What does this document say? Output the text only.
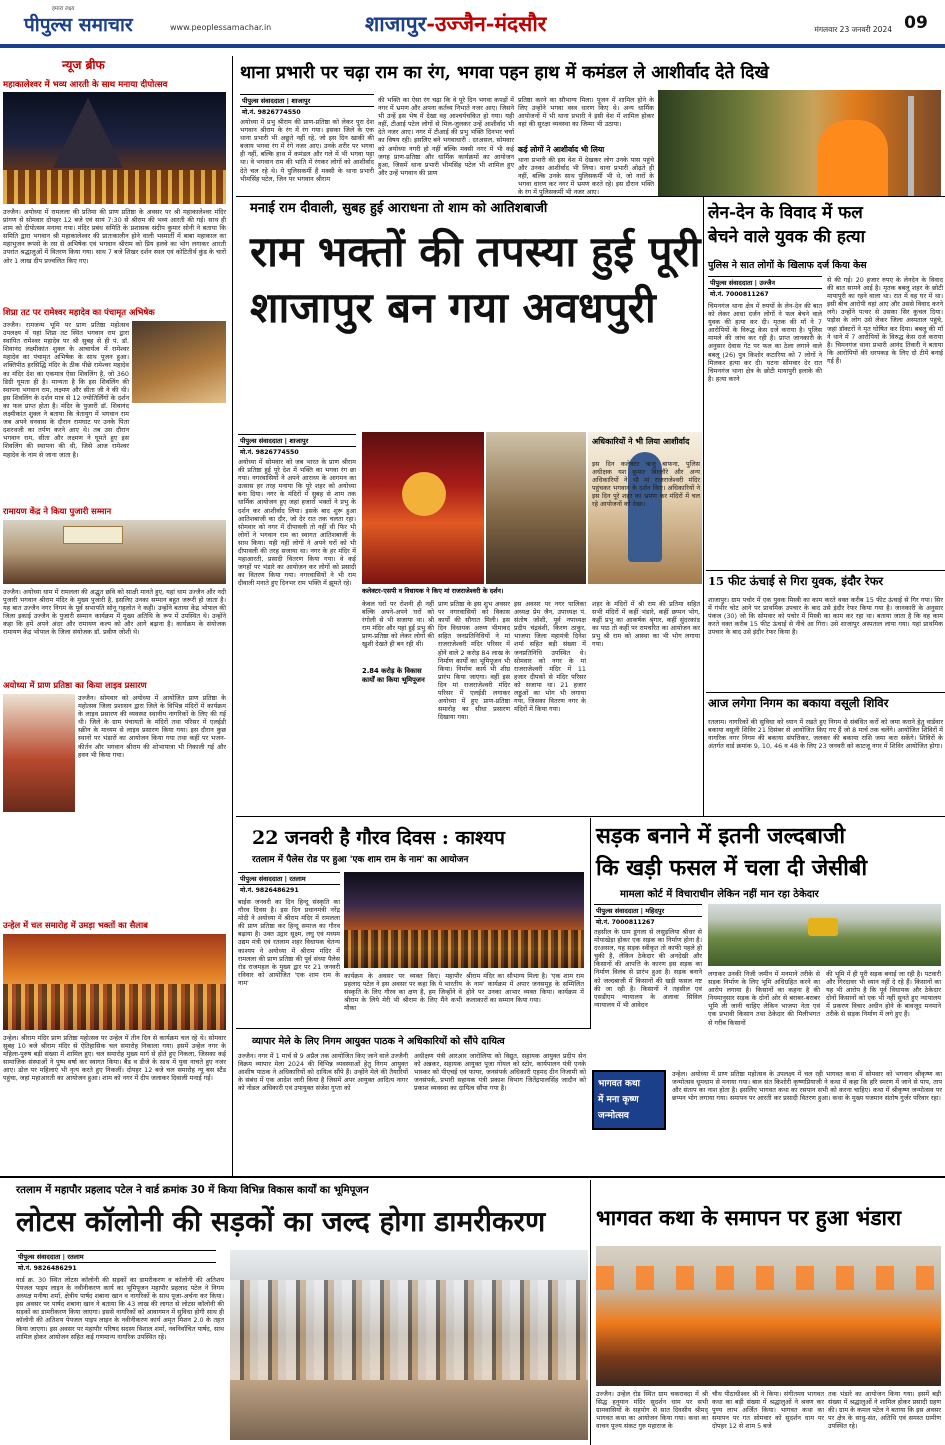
हमारा लक्ष्य
पीपुल्स समाचार	www.peoplessamachar.in	शाजापुर-उज्जैन-मंदसौर	मंगलवार 23 जनवरी 2024 09
न्यूज ब्रीफ
महाकालेश्वर में भव्य आरती के साथ मनाया दीपोत्सव
उज्जैन। अयोध्या में रामलला की प्रतिमा की प्राण प्रतिष्ठा के अवसर पर श्री महाकालेश्वर मंदिर प्रांगण से सोमवार दोपहर 12 बजे एवं सायं 7:30 से श्रीराम की भव्य आरती की गई। साथ ही शाम को दीपोत्सव मनाया गया। मंदिर प्रबंध समिति के प्रशासक संदीप कुमार सोनी ने बताया कि समिति द्वारा भगवान श्री महाकालेश्वर की प्रातःकालीन होने वाली भस्मार्ती में बाबा महाकाल का महाभुजन रूपसे के रस से अभिषेक एवं भगवान श्रीराम को प्रिय हलवे का भोग लगाकर आरती उपरांत श्रद्धालुओं में वितरण किया गया। साथ 7 बजे शिखर दर्शन स्थल एवं कोटितीर्थ कुंड के चारों ओर 1 लाख दीप प्रज्वलित किए गए।
शिप्रा तट पर रामेश्वर महादेव का पंचामृत अभिषेक
उज्जैन। रामजन्म भूमि पर प्राण प्रतिष्ठा महोत्सव उपलक्ष्य में यहां शिप्रा तट स्थित भगवान राम द्वारा स्थापित रामेश्वर महादेव पर श्री सुबह से ही पं. डॉ. शिवानंद लक्ष्मीकांत शुक्ल के आचार्यत्व में रामेश्वर महादेव का पंचामृत अभिषेक के साथ पूजन हुआ। शक्तिपीठ हरसिद्धि मंदिर के ठीक पीछे रामेश्वर महादेव का मंदिर देश का एकमात्र ऐसा शिवलिंग है, जो 360 डिग्री घूमता ही है। मान्यता है कि इस शिवलिंग की स्थापना भगवान राम, लक्ष्मण और सीता जी ने की थी। इस शिवलिंग के दर्शन मात्र से 12 ज्योतिर्लिंगों के दर्शन का फल प्राप्त होता है। मंदिर के पुजारी डॉ. शिवानंद लक्ष्मीकांत शुक्ल ने बताया कि त्रेतायुग में भगवान राम जब अपने वनवास के दौरान रामघाट पर उनके पिता दशरथजी का तर्पण करने आए थे। तब उस दौरान भगवान राम, सीता और लक्ष्मण ने घूमते हुए इस शिवलिंग की स्थापना की थी, जिसे आज रामेश्वर महादेव के नाम से जाना जाता है।
रामायण केंद्र ने किया पुजारी सम्मान
उज्जैन। अयोध्या धाम में रामलला की अद्भुत छवि को साक्षी मानते हुए, यहां धाम उज्जैन और नदी पुजारी भगवान श्रीराम मंदिर के मुख्य पुजारी है, इसलिए उनका सम्मान बहुत जरूरी हो जाता है। यह बात उज्जैन नगर निगम के पूर्व सभापति सोनू गहलोत ने कही। उन्होंने बताया केंद्र भोपाल की जिला इकाई उज्जैन के पुजारी सम्मान कार्यक्रम में मुख्य अतिथि के रूप में उपस्थित थे। उन्होंने कहा कि हमें अपने अंदर और रामायण कल्प को और आगे बढ़ाना है। कार्यक्रम के संयोजक रामायण केंद्र भोपाल के जिला संयोजक डॉ. प्रवीण जोशी थे।
अयोध्या में प्राण प्रतिष्ठा का किया लाइव प्रसारण
उज्जैन। सोमवार को अयोध्या में आयोजित प्राण प्रतिष्ठा के महोत्सव जिला प्रशासन द्वारा जिले के विभिन्न मंदिरों में कार्यक्रम के लाइव प्रसारण की व्यवस्था स्थानीय नागरिकों के लिए की गई थी। जिले के ग्राम पंचायतों के मंदिरों तथा परिसर में एलईडी स्क्रीन के माध्यम से लाइव प्रसारण किया गया। इस दौरान कुछ स्थानों पर भंडारों का आयोजन किया गया तथा कहीं पर भजन-कीर्तन और भगवान श्रीराम की शोभायात्रा भी निकाली गई और हवन भी किया गया।
उन्हेल में चल समारोह में उमड़ा भक्तों का सैलाब
उन्हेल। श्रीराम मंदिर प्राण प्रतिष्ठा महोत्सव पर उन्हेल में तीन दिन से कार्यक्रम चल रहे थे। सोमवार सुबह 10 बजे श्रीराम मंदिर से ऐतिहासिक चल समारोह निकाला गया। इसमें उन्हेल नगर के महिला-पुरुष बड़ी संख्या में शामिल हुए। चल समारोह मुख्य मार्ग से होते हुए निकला, जिसका कई सामाजिक संस्थाओं ने पुष्प वर्षा कर स्वागत किया। बैंड व डीजे के साथ में युवा नाचते हुए नजर आए। ढोल पर महिलाएं भी नृत्य करते हुए निकलीं। दोपहर 12 बजे चल समारोह न्यू बस स्टैंड पहुंचा, जहां महाआरती का आयोजन हुआ। शाम को नगर में दीप जलाकर दिवाली मनाई गई।
थाना प्रभारी पर चढ़ा राम का रंग, भगवा पहन हाथ में कमंडल ले आशीर्वाद देते दिखे
पीपुल्स संवाददाता | शाजापुर
मो.नं. 9826774550
अयोध्या में प्रभु श्रीराम की प्राण-प्रतिष्ठा को लेकर पूरा देश भगवान श्रीराम के रंग में रंग गया। इसका जिले के एक थाना प्रभारी भी अछूते नहीं रहे, जो इस दिन खाकी की बजाय भगवा रंग में रंगे नजर आए। उनके शरीर पर भगवा ही नहीं, बल्कि हाथ में कमंडल और गले में भी भगवा पट्टा था। वे भगवान राम की भांति में रंगकर लोगों को आशीर्वाद देते चल रहे थे। ये पुलिसकर्मी हैं मक्सी के थाना प्रभारी भीमसिंह पटेल, जिन पर भगवान श्रीराम
की भक्ति का ऐसा रंग चढ़ा कि वे पूरे दिन भगवा कपड़ों में नगर में भ्रमण और अपना कर्तव्य निभाते नजर आए। जिसने भी उन्हें इस भेष में देखा वह आश्चर्यचकित हो गया। यही नहीं, टीआई पटेल लोगों से मिल-जुलकर उन्हें आशीर्वाद भी देते नजर आए। नगर में टीआई की प्रभु भक्ति दिनभर चर्चा का विषय रही। इसलिए बने भगवाधारी : दरअसल, सोमवार को अयोध्या नगरी हो नहीं बल्कि मक्सी नगर में भी कई जगह प्राण-प्रतिष्ठा और धार्मिक कार्यक्रमों का आयोजन हुआ, जिसमें थाना प्रभारी भीमसिंह पटेल भी शामिल हुए और उन्हें भगवान की प्राण
प्रतिष्ठा करने का सौभाग्य मिला। पूजन में शामिल होने के लिए उन्होंने भगवा वस्त्र धारण किए थे। अन्य धार्मिक आयोजनों में भी थाना प्रभारी ने इसी वेश में शामिल होकर वहां की सुरक्षा व्यवस्था का जिम्मा भी उठाया।
कई लोगों ने आशीर्वाद भी लिया
थाना प्रभारी की इस वेश में देखकर लोग उनके पास पहुंचे और उनका आशीर्वाद भी लिया। थाना प्रभारी ओढ़ते ही नहीं, बल्कि उनके साथ पुलिसकर्मी भी थे, जो नारों के भगवा धारण कर नगर में भ्रमण करते रहे। इस दौरान भक्ति के रंग में पुलिसकर्मी भी नजर आए।
मनाई राम दीवाली, सुबह हुई आराधना तो शाम को आतिशबाजी
राम भक्तों की तपस्या हुई पूरी
शाजापुर बन गया अवधपुरी
पीपुल्स संवाददाता | शाजापुर
मो.नं. 9826774550
अयोध्या में सोमवार को जब भारत के प्राण श्रीराम की प्रतिष्ठा हुई पूरे देश में भक्ति का भगवा रंग छा गया। नगरवासियों ने अपने आराध्य के आगमन का उत्सास हर तरह मनाया कि पूरे शहर को अयोध्या बना दिया। नगर के मंदिरों में सुबह से शाम तक धार्मिक आयोजन हुए जहां हजारों भक्तों ने प्रभु के दर्शन कर आशीर्वाद लिया। इसके बाद शुरू हुआ आतिशबाजी का दौर, जो देर रात तक चलता रहा। सोमवार को नगर में दीपावली तो नहीं थी फिर भी लोगों ने भगवान राम का स्वागत आतिशबाजी के साथ किया। यही नहीं लोगों ने अपने घरों को भी दीपावली की तरह सजाया था। नगर के हर मंदिर में महाआरती, प्रसादी वितरण किया गया। वे कई जगहों पर भंडारे का आयोजन कर लोगों को प्रसादी का वितरण किया गया। नगरवासियों ने भी राम दीवाली मनाते हुए दिनभर राम भक्ति में झूमते रहे।
कलेक्टर-एसपी व विधायक ने किए मां राजराजेश्वरी के दर्शन।
केवल घरों पर रोशनी ही नहीं बल्कि अपने-अपने घरों को रंगोली से भी सजाया था। श्री राम मंदिर और यहां हुई प्रभु की प्राण-प्रतिष्ठा को लेकर लोगों की खुशी देखते ही बन रही थी।
2.84 करोड़ के विकास कार्यों का किया भूमिपूजन
प्राण प्रतिष्ठा के इस शुभ अवसर पर नगरवासियों को विकास कार्यों की सौगात मिली। इस दिन विधायक अरुण भीमावद सहित जनप्रतिनिधियों ने मां राजराजेश्वरी मंदिर परिसर में होने वाले 2 करोड़ 84 लाख के निर्माण कार्यों का भूमिपूजन भी किया। निर्माण कार्य भी शीघ्र प्रारंभ किया जाएगा। वहीं इस दिन मां राजराजेश्वरी मंदिर परिसर में एलईडी लगाकर अयोध्या में हुए प्राण-प्रतिष्ठा समारोह का सीधा प्रसारण दिखाया गया।
इस अवसर पर नगर पालिका अध्यक्ष प्रेम जैन, उपाध्यक्ष पं. संतोष जोशी, पूर्व नपाध्यक्ष प्रदीप चंद्रवंशी, किरण ठाकुर, भाजपा जिला महामंत्री दिनेश शर्मा सहित बड़ी संख्या में जनप्रतिनिधि उपस्थित थे। सोमवार को नगर के मां राजराजेश्वरी मंदिर में 11 हजार दीपकों से मंदिर परिसर को सजाया था। 21 हजार लड्डुओं का भोग भी लगाया गया, जिसका वितरण नगर के मंदिरों में किया गया।
अधिकारियों ने भी लिया आशीर्वाद
इस दिन कलेक्टर ऋजु बाफना, पुलिस अधीक्षक यश कुमार बिल्लौरे और अन्य अधिकारियों ने भी मां राजराजेश्वरी मंदिर पहुंचकर भगवान के दर्शन किए। अधिकारियों ने इस दिन पूरे शहर का भ्रमण कर मंदिरों में चल रहे आयोजनों को देखा।
शहर के मंदिरों में श्री राम की प्रतिमा सहित सभी मंदिरों में कहीं भंडारे, कहीं छप्पन भोग, कहीं प्रभु का आकर्षक श्रृंगार, कहीं सुंदरकांड का पाठ तो कहीं पर रामचरित का आयोजन कर प्रभु श्री राम को आस्था का भी भोग लगाया गया।
लेन-देन के विवाद में फल
बेचने वाले युवक की हत्या
पुलिस ने सात लोगों के खिलाफ दर्ज किया केस
पीपुल्स संवाददाता | उज्जैन
मो.नं. 7000811267
चिमनगंज थाना क्षेत्र में रुपयों के लेन-देन की बात को लेकर आधा दर्जन लोगों ने फल बेचने वाले युवक की हत्या कर दी। मृतक की माँ ने 7 आरोपियों के विरुद्ध केस दर्ज कराया है। पुलिस मामले की जांच कर रही है। प्राप्त जानकारी के अनुसार देवास गेट पर फल का ठेला लगाने वाले बबलू (26) पुत्र किशोर कटारिया को 7 लोगों ने मिलकर हत्या कर दी। घटना सोमवार देर रात चिमनगंज थाना क्षेत्र के छोटी मायापुरी इलाके की है। हत्या करने
से की गई। 20 हजार रुपए के लेनदेन के विवाद की बात सामने आई है। मृतक बबलू शहर के छोटी मायापुरी का रहने वाला था। रात में वह घर में था। इसी बीच आरोपी वहां आए और उससे विवाद करने लगे। उन्होंने पत्थर से उसका सिर कुचल दिया। पड़ोस के लोग उसे लेकर जिला अस्पताल पहुंचे, जहां डॉक्टरों ने मृत घोषित कर दिया। बबलू की माँ ने थाने में 7 आरोपियों के विरुद्ध केस दर्ज कराया है। चिमनगंज थाना प्रभारी आनंद तिवारी ने बताया कि आरोपियों की धरपकड़ के लिए दो टीमें बनाई गई हैं।
15 फीट ऊंचाई से गिरा युवक, इंदौर रेफर
शाजापुर। ग्राम पचोर में एक युवक मिस्त्री का काम करते वक्त करीब 15 फीट ऊंचाई से गिर गया। सिर में गंभीर चोट आने पर प्राथमिक उपचार के बाद उसे इंदौर रेफर किया गया है। जानकारी के अनुसार पंकज (30) जो कि सोमवार को पचोर में मिस्त्री का काम कर रहा था। बताया जाता है कि वह काम करते वक्त करीब 15 फीट ऊंचाई से नीचे आ गिरा। उसे शाजापुर अस्पताल लाया गया। यहां प्राथमिक उपचार के बाद उसे इंदौर रेफर किया है।
आज लगेगा निगम का बकाया वसूली शिविर
रतलाम। नागरिकों की सुविधा को ध्यान में रखते हुए निगम से संबंधित करों को जमा कराने हेतु वार्डवार बकाया वसूली शिविर 21 दिसंबर से आयोजित किए गए हैं जो 8 मार्च तक चलेंगे। आयोजित शिविरों में नागरिक नगर निगम की बकाया संपत्तिकर, जलकर की बकाया राशि जमा करा सकेंगे। शिविरों के अंतर्गत वार्ड क्रमांक 9, 10, 46 व 48 के लिए 23 जनवरी को काटजू नगर में शिविर आयोजित होगा।
22 जनवरी है गौरव दिवस : काश्यप
रतलाम में पैलेस रोड पर हुआ 'एक शाम राम के नाम' का आयोजन
पीपुल्स संवाददाता | रतलाम
मो.नं. 9826486291
बाईस जनवरी का दिन हिन्दू संस्कृति का गौरव दिवस है। इस दिन प्रधानमंत्री नरेंद्र मोदी ने अयोध्या में श्रीराम मंदिर में रामलला की प्राण प्रतिष्ठा कर हिन्दू समाज का गौरव बढ़ाया है। उक्त उद्गार सूक्ष्म, लघु एवं मध्यम उद्यम मंत्री एवं रतलाम शहर विधायक चेतन्य काश्यप ने अयोध्या में श्रीराम मंदिर में रामलला की प्राण प्रतिष्ठा की पूर्व संध्या पैलेस रोड राजमहल के मुख्य द्वार पर 21 जनवरी रविवार को आयोजित 'एक शाम राम के नाम'
कार्यक्रम के अवसर पर व्यक्त किए। महापौर प्रहलाद पटेल ने इस अवसर पर कहा कि ये भारतीय संस्कृति के लिए गौरव का क्षण है, हम जिन्होंने वे श्रीराम के लिये मेरी भी श्रीराम के लिए मैंने कभी मौका
श्रीराम मंदिर का सौभाग्य मिला है। 'एक शाम राम के नाम' कार्यक्रम में अपार जनसमूह के सम्मिलित होने पर उनका आभार व्यक्त किया। कार्यक्रम में कलाकारों का सम्मान किया गया।
सड़क बनाने में इतनी जल्दबाजी
कि खड़ी फसल में चला दी जेसीबी
मामला कोर्ट में विचाराधीन लेकिन नहीं मान रहा ठेकेदार
पीपुल्स संवाददाता | महिदपुर
मो.नं. 7000811267
तहसील के ग्राम डूंगला से लसुड़लिया श्रीधर से मोयाखेड़ा होकर एक सड़क का निर्माण होना है। दरअसल, यह सड़क स्वीकृत तो काफी पहले हो चुकी है, लेकिन ठेकेदार की अनदेखी और किसानों की आपत्ति के कारण इस सड़क का निर्माण विलंब से प्रारंभ हुआ है। सड़क बनाने को जल्दबाजी में किसानों की खड़ी फसल नष्ट की जा रही है। किसानों ने तहसील एवं एसडीएम न्यायालय के अलावा सिविल न्यायालय में भी आवेदन
लगाकर उनकी निजी जमीन में मनमाने तरीके से सड़क निर्माण के लिए भूमि अधिग्रहित करने का आरोप लगाया है। किसानों का कहना है की नियमानुसार सड़क के दोनों ओर से बराबर-बराबर भूमि ली जानी चाहिए लेकिन भाजपा नेता एवं एक प्रभावी किसान तथा ठेकेदार की मिलीभगत से गरीब किसानों
की भूमि में ही पूरी सड़क बनाई जा रही है। पटवारी और गिरदावर भी ध्यान नहीं दे रहे हैं। किसानों का यह भी आरोप है कि पूर्व विधायक और ठेकेदार दोनों किसानों को एक भी नहीं सुनते हुए न्यायालय में प्रकरण विचार अधीन होने के बावजूद मनमाने तरीके से सड़क निर्माण में लगे हुए हैं।
व्यापार मेले के लिए निगम आयुक्त पाठक ने अधिकारियों को सौंपे दायित्व
उज्जैन। नगर में 1 मार्च से 9 अप्रैल तक आयोजित किए जाने वाले उज्जैनी विक्रम व्यापार मेला 2024 की विभिन्न व्यवस्थाओं हेतु निगम आयुक्त आशीष पाठक ने अधिकारियों को दायित्व सौंपे हैं। उन्होंने मेले की तैयारियों के संबंध में एक आदेश जारी किया है जिसमें अपर आयुक्त आदित्य नागर को नोडल अधिकारी एवं उपायुक्त संजेश गुप्ता को
अधीक्षण यंत्री आरआर जारोलिया को विद्युत, सहायक आयुक्त प्रदीप सेन को अन्नकर, सहायक आयुक्त पूजा गोयल को स्टोर, कार्यपालन यंत्री एनके भास्कर को पीएचई एवं फायर, जनसंपर्क अधिकारी एहमद दीन निजामी को जनसंपर्क, प्रभारी सहायक यंत्री प्रकाश विभाग जितेंद्रपालसिंह जादौन को प्रकाश व्यवस्था का दायित्व सौंपा गया है।	भागवत कथा
में मना कृष्ण
जन्मोत्सव
उन्हेल। अयोध्या में प्राण प्रतिष्ठा महोत्सव के उपलक्ष्य में चल रही भागवत कथा में सोमवार को भगवान श्रीकृष्ण का जन्मोत्सव धूमधाम से मनाया गया। बाल संत किशोरी कृष्णप्रियाजी ने कथा में कहा कि हरि स्मरण में जाने से पाप, ताप और संताप का नाश होता है। इसलिए भागवत कथा का रसपान सभी को करना चाहिए। कथा में श्रीकृष्ण जन्मोत्सव पर छप्पन भोग लगाया गया। समापन पर आरती कर प्रसादी वितरण हुआ। कथा के मुख्य यजमान संतोष गुर्जर परिवार रहा।
रतलाम में महापौर प्रहलाद पटेल ने वार्ड क्रमांक 30 में किया विभिन्न विकास कार्यों का भूमिपूजन
लोटस कॉलोनी की सड़कों का जल्द होगा डामरीकरण
पीपुल्स संवाददाता | रतलाम
मो.नं. 9826486291
वार्ड क्र. 30 स्थित लोटस कॉलोनी की सड़कों का डामरीकरण व कॉलोनी की अतिशय पेयजल पाइप लाइन के नवीनीकरण कार्य का भूमिपूजन महापौर प्रहलाद पटेल ने निगम अध्यक्ष मनीषा शर्मा, क्षेत्रीय पार्षद शबाना खान व नागरिकों के साथ पूजा-अर्चना कर किया। इस अवसर पर पार्षद शबाना खान ने बताया कि 43 लाख की लागत से लोटस कॉलोनी की सड़कों का डामरीकरण किया जाएगा। इससे नागरिकों को आवागमन में सुविधा होगी साथ ही कॉलोनी की अतिशय पेयजल पाइप लाइन के नवीनीकरण कार्य अमृत मिशन 2.0 के तहत किया जाएगा। इस अवसर पर महापौर परिषद सदस्य विशाल शर्मा, नवनिर्वाचित पार्षद, साथ शामिल होकर आयोजन सहित कई गणमान्य नागरिक उपस्थित रहे।
भागवत कथा के समापन पर हुआ भंडारा
उज्जैन। उन्हेल रोड स्थित ग्राम चकरावदा में श्री सिद्ध हनुमान मंदिर सुदर्शन धाम पर सभी ग्रामवासियों के सहयोग से सात दिवसीय श्रीमद् भागवत कथा का आयोजन किया गया। कथा का वाचन पूज्य संकट गुरु महाराज के
चौथ पीठाधीश्वर श्री ने किया। संगीतमय भागवत कथा का बड़ी संख्या में श्रद्धालुओं ने श्रवण कर पुण्य लाभ अर्जित किया। भागवत कथा का समापन पर गत सोमवार को सुदर्शन धाम पर दोपहर 12 से शाम 5 बजे
तक भंडारे का आयोजन किया गया। इसमें बड़ी संख्या में श्रद्धालुओं ने शामिल होकर प्रसादी ग्रहण की। ग्राम के कमल पटेल ने बताया कि इस अवसर पर क्षेत्र के साधु-संत, अतिथि एवं समस्त ग्रामीण उपस्थित रहे।
